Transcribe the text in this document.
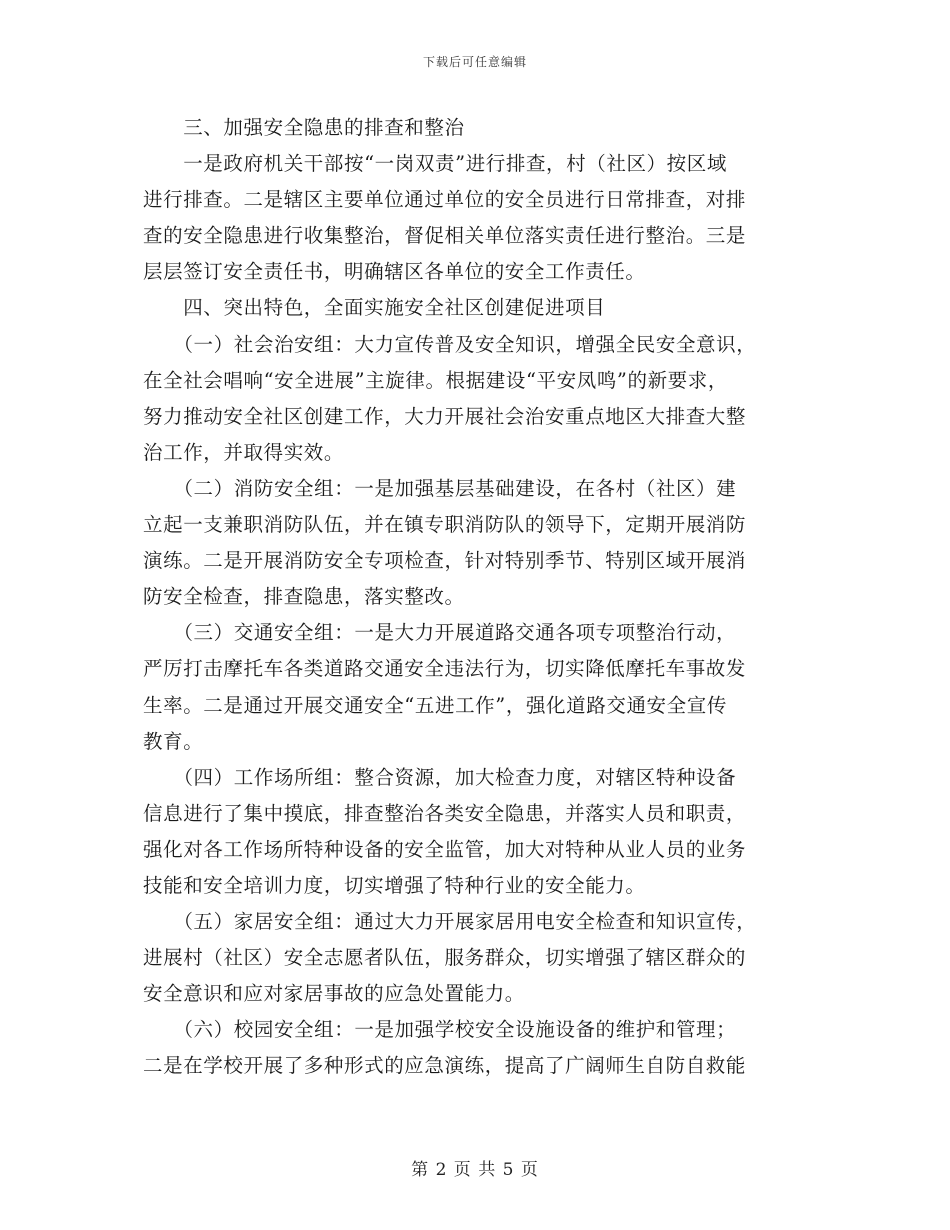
下载后可任意编辑
　　三、加强安全隐患的排查和整治
　　一是政府机关干部按“一岗双责”进行排查，村（社区）按区域
进行排查。二是辖区主要单位通过单位的安全员进行日常排查，对排
查的安全隐患进行收集整治，督促相关单位落实责任进行整治。三是
层层签订安全责任书，明确辖区各单位的安全工作责任。
　　四、突出特色，全面实施安全社区创建促进项目
　　（一）社会治安组：大力宣传普及安全知识，增强全民安全意识，
在全社会唱响“安全进展”主旋律。根据建设“平安凤鸣”的新要求，
努力推动安全社区创建工作，大力开展社会治安重点地区大排查大整
治工作，并取得实效。
　　（二）消防安全组：一是加强基层基础建设，在各村（社区）建
立起一支兼职消防队伍，并在镇专职消防队的领导下，定期开展消防
演练。二是开展消防安全专项检查，针对特别季节、特别区域开展消
防安全检查，排查隐患，落实整改。
　　（三）交通安全组：一是大力开展道路交通各项专项整治行动，
严厉打击摩托车各类道路交通安全违法行为，切实降低摩托车事故发
生率。二是通过开展交通安全“五进工作”，强化道路交通安全宣传
教育。
　　（四）工作场所组：整合资源，加大检查力度，对辖区特种设备
信息进行了集中摸底，排查整治各类安全隐患，并落实人员和职责，
强化对各工作场所特种设备的安全监管，加大对特种从业人员的业务
技能和安全培训力度，切实增强了特种行业的安全能力。
　　（五）家居安全组：通过大力开展家居用电安全检查和知识宣传，
进展村（社区）安全志愿者队伍，服务群众，切实增强了辖区群众的
安全意识和应对家居事故的应急处置能力。
　　（六）校园安全组：一是加强学校安全设施设备的维护和管理；
二是在学校开展了多种形式的应急演练，提高了广阔师生自防自救能
第 2 页 共 5 页
